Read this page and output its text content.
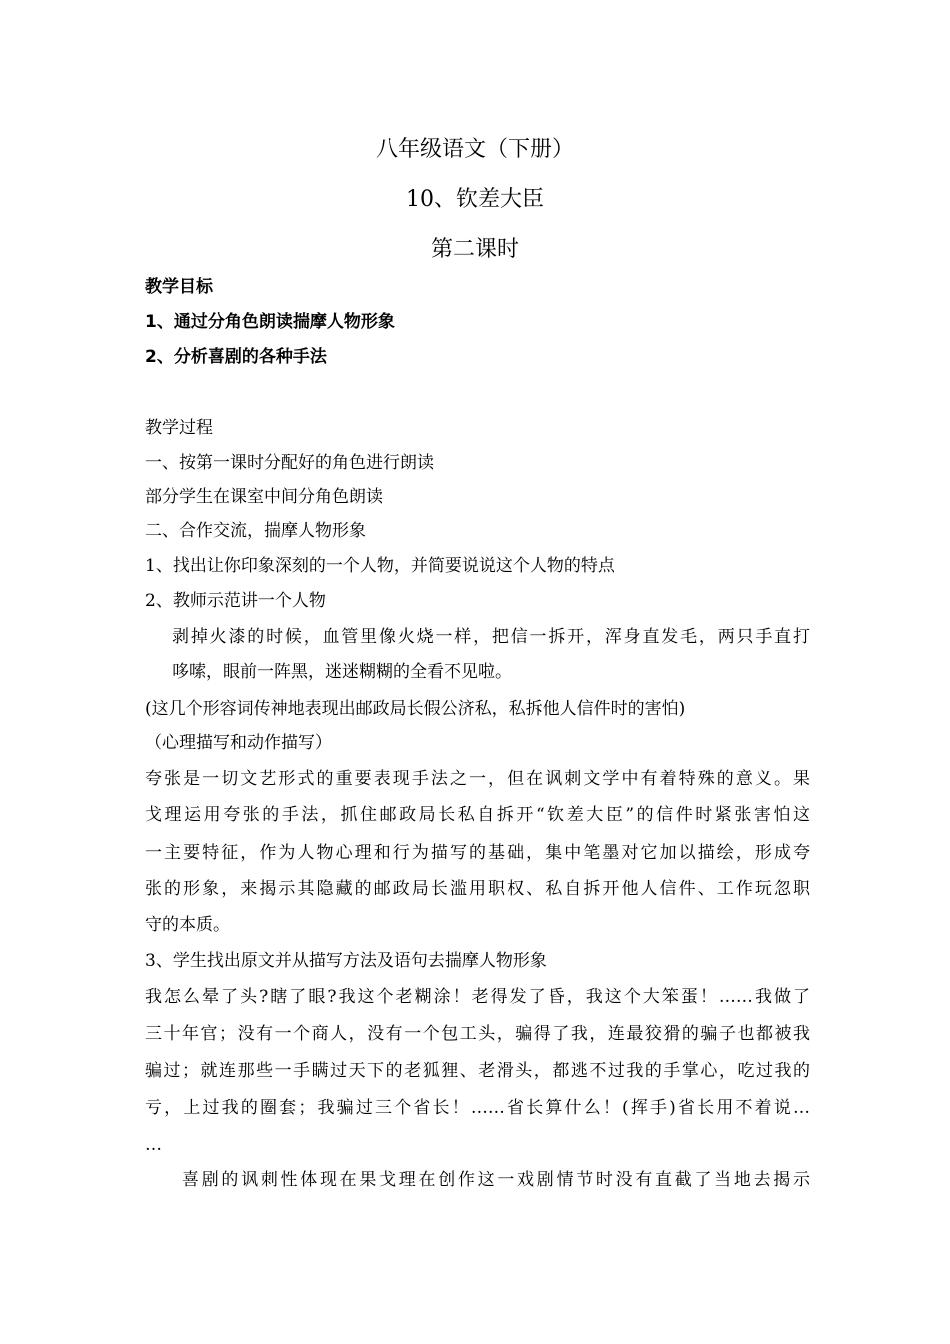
八年级语文（下册）
10、钦差大臣
第二课时
教学目标
1、通过分角色朗读揣摩人物形象
2、分析喜剧的各种手法
教学过程
一、按第一课时分配好的角色进行朗读
部分学生在课室中间分角色朗读
二、合作交流，揣摩人物形象
1、找出让你印象深刻的一个人物，并简要说说这个人物的特点
2、教师示范讲一个人物
剥掉火漆的时候，血管里像火烧一样，把信一拆开，浑身直发毛，两只手直打
哆嗦，眼前一阵黑，迷迷糊糊的全看不见啦。
(这几个形容词传神地表现出邮政局长假公济私，私拆他人信件时的害怕)
（心理描写和动作描写）
夸张是一切文艺形式的重要表现手法之一，但在讽刺文学中有着特殊的意义。果
戈理运用夸张的手法，抓住邮政局长私自拆开“钦差大臣”的信件时紧张害怕这
一主要特征，作为人物心理和行为描写的基础，集中笔墨对它加以描绘，形成夸
张的形象，来揭示其隐藏的邮政局长滥用职权、私自拆开他人信件、工作玩忽职
守的本质。
3、学生找出原文并从描写方法及语句去揣摩人物形象
我怎么晕了头?瞎了眼?我这个老糊涂！老得发了昏，我这个大笨蛋！……我做了
三十年官；没有一个商人，没有一个包工头，骗得了我，连最狡猾的骗子也都被我
骗过；就连那些一手瞒过天下的老狐狸、老滑头，都逃不过我的手掌心，吃过我的
亏，上过我的圈套；我骗过三个省长！……省长算什么！(挥手)省长用不着说…
…
喜剧的讽刺性体现在果戈理在创作这一戏剧情节时没有直截了当地去揭示
